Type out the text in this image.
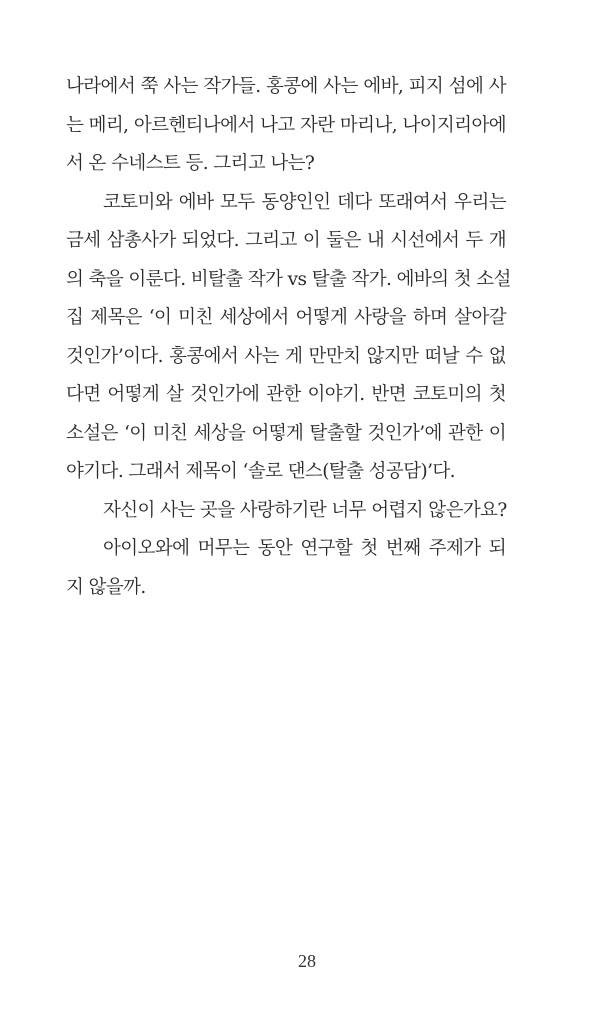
나라에서 쭉 사는 작가들. 홍콩에 사는 에바, 피지 섬에 사
는 메리, 아르헨티나에서 나고 자란 마리나, 나이지리아에
서 온 수네스트 등. 그리고 나는?
코토미와 에바 모두 동양인인 데다 또래여서 우리는
금세 삼총사가 되었다. 그리고 이 둘은 내 시선에서 두 개
의 축을 이룬다. 비탈출 작가 vs 탈출 작가. 에바의 첫 소설
집 제목은 ‘이 미친 세상에서 어떻게 사랑을 하며 살아갈
것인가’이다. 홍콩에서 사는 게 만만치 않지만 떠날 수 없
다면 어떻게 살 것인가에 관한 이야기. 반면 코토미의 첫
소설은 ‘이 미친 세상을 어떻게 탈출할 것인가’에 관한 이
야기다. 그래서 제목이 ‘솔로 댄스(탈출 성공담)’다.
자신이 사는 곳을 사랑하기란 너무 어렵지 않은가요?
아이오와에 머무는 동안 연구할 첫 번째 주제가 되
지 않을까.
28
